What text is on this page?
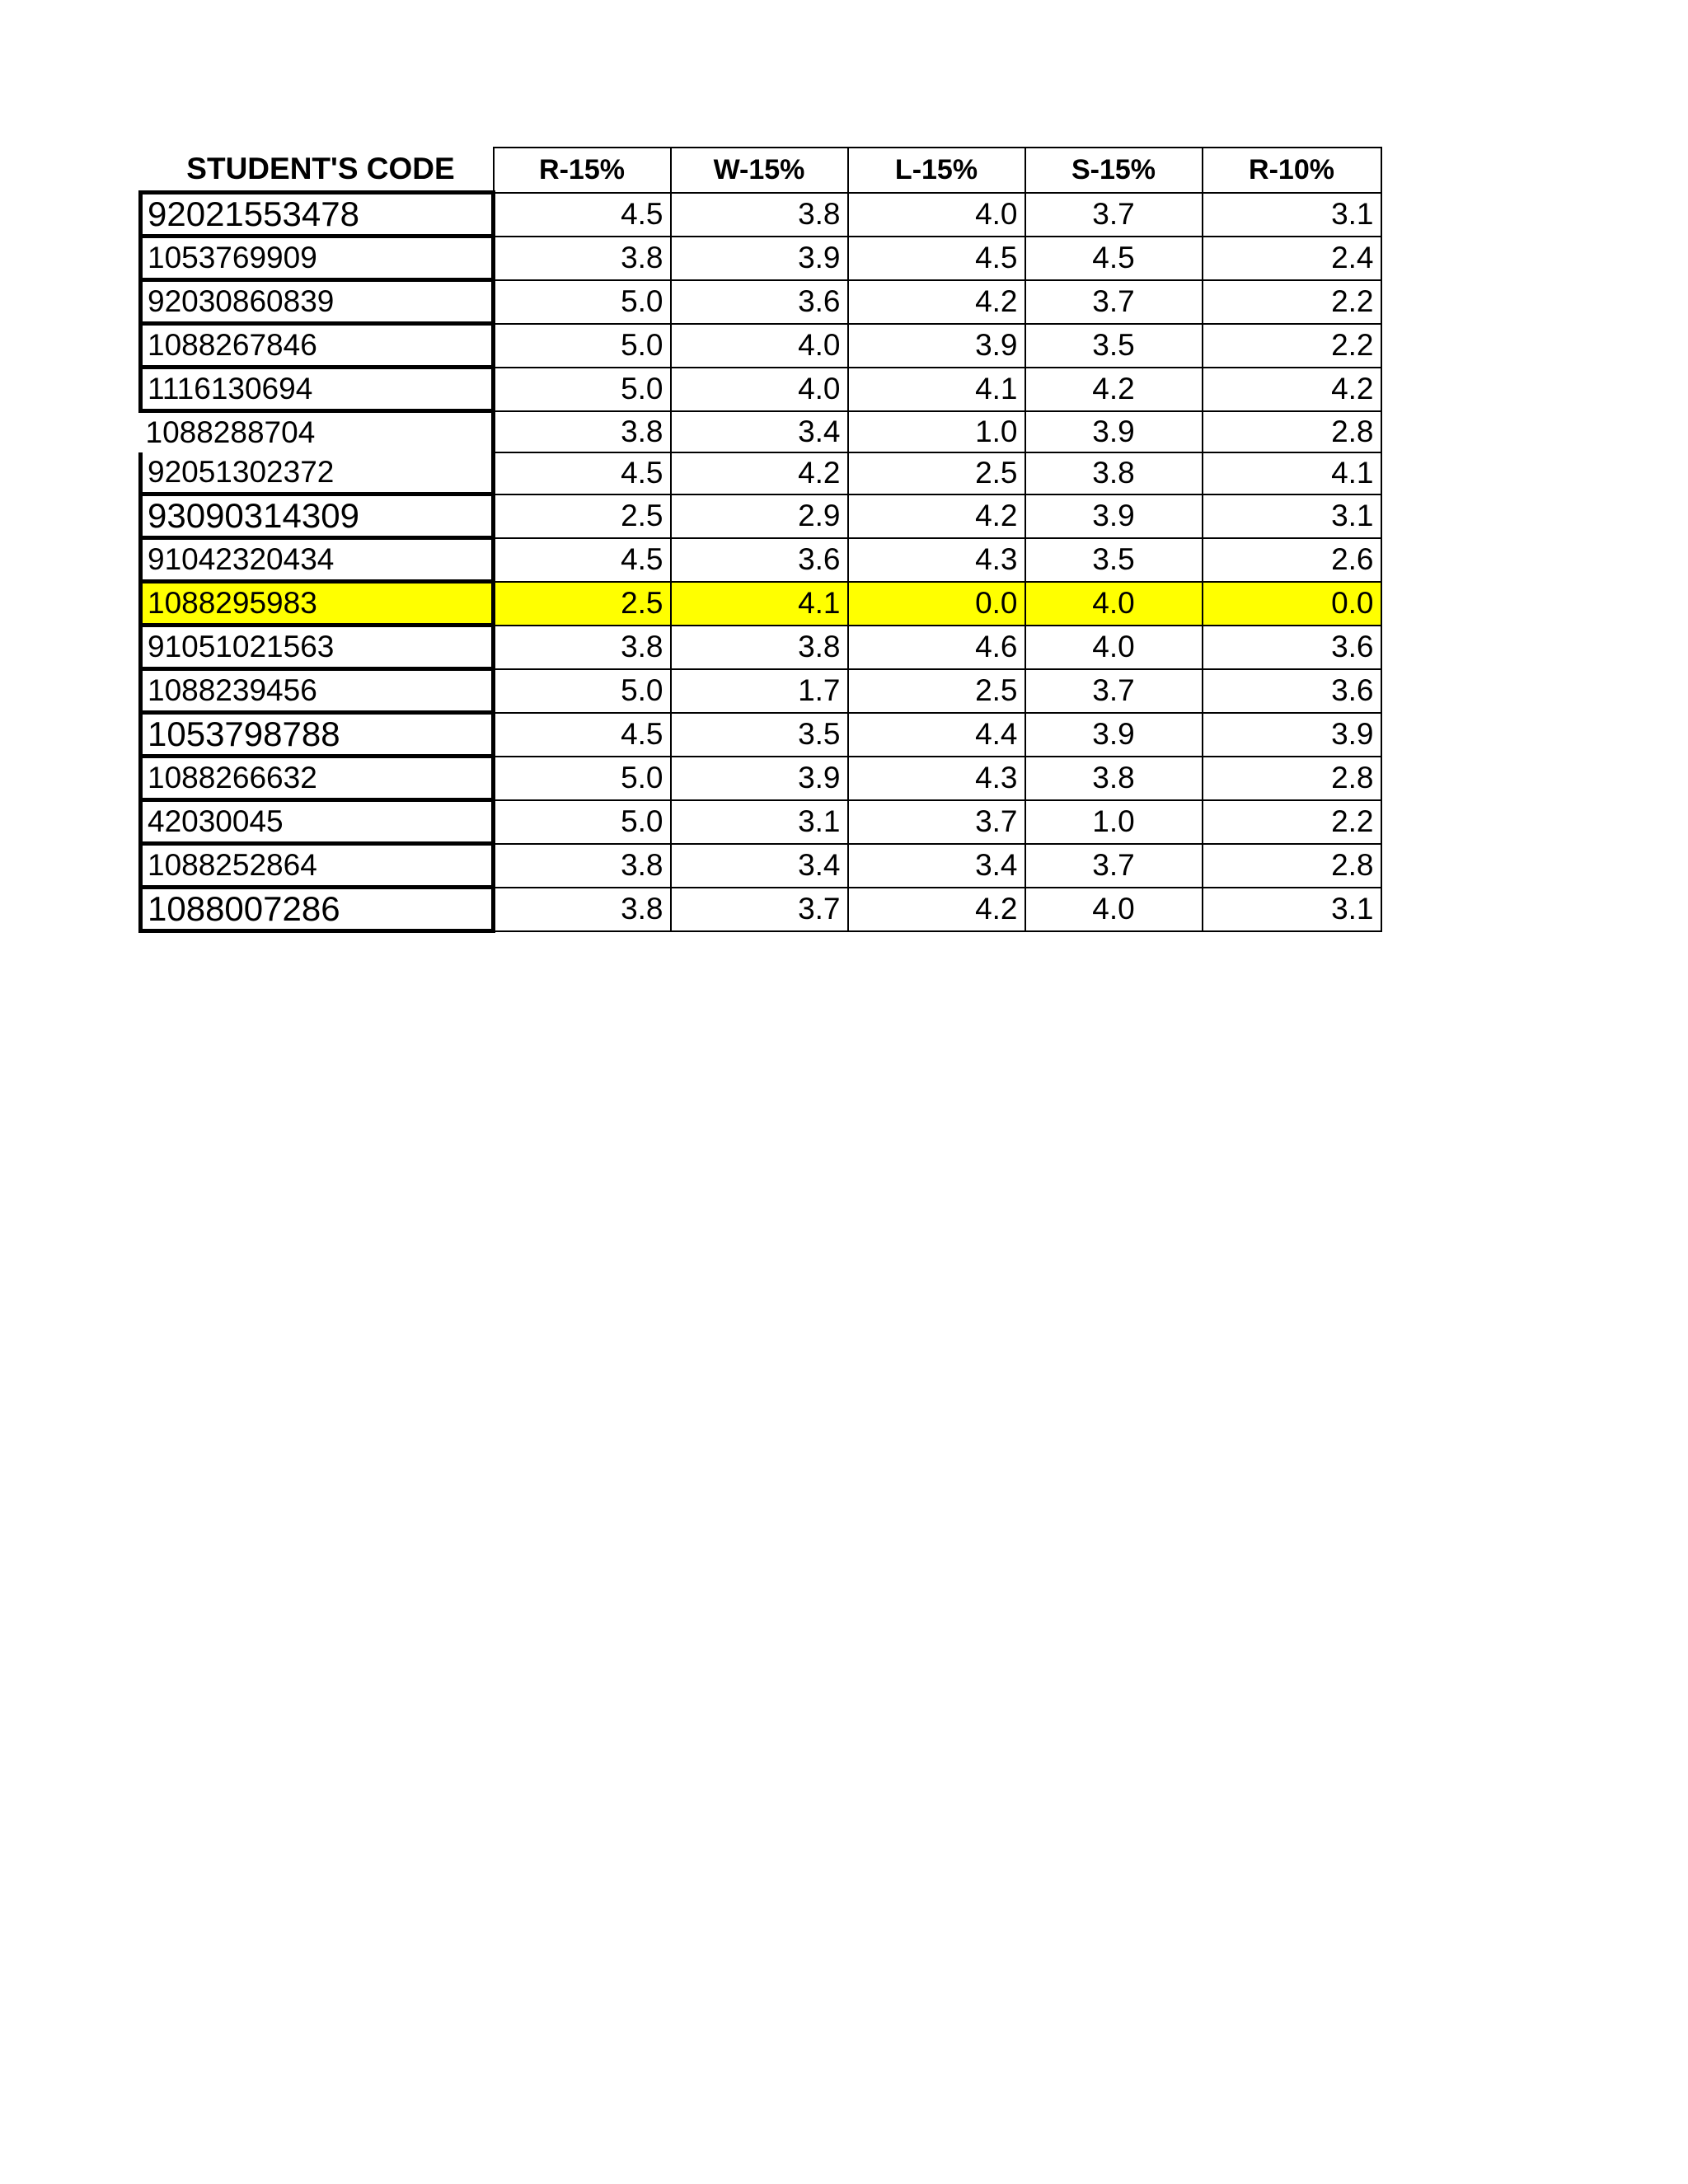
STUDENT'S CODE	R-15%	W-15%	L-15%	S-15%	R-10%
92021553478	4.5	3.8	4.0	3.7	3.1
1053769909	3.8	3.9	4.5	4.5	2.4
92030860839	5.0	3.6	4.2	3.7	2.2
1088267846	5.0	4.0	3.9	3.5	2.2
1116130694	5.0	4.0	4.1	4.2	4.2
1088288704	3.8	3.4	1.0	3.9	2.8
92051302372	4.5	4.2	2.5	3.8	4.1
93090314309	2.5	2.9	4.2	3.9	3.1
91042320434	4.5	3.6	4.3	3.5	2.6
1088295983	2.5	4.1	0.0	4.0	0.0
91051021563	3.8	3.8	4.6	4.0	3.6
1088239456	5.0	1.7	2.5	3.7	3.6
1053798788	4.5	3.5	4.4	3.9	3.9
1088266632	5.0	3.9	4.3	3.8	2.8
42030045	5.0	3.1	3.7	1.0	2.2
1088252864	3.8	3.4	3.4	3.7	2.8
1088007286	3.8	3.7	4.2	4.0	3.1
